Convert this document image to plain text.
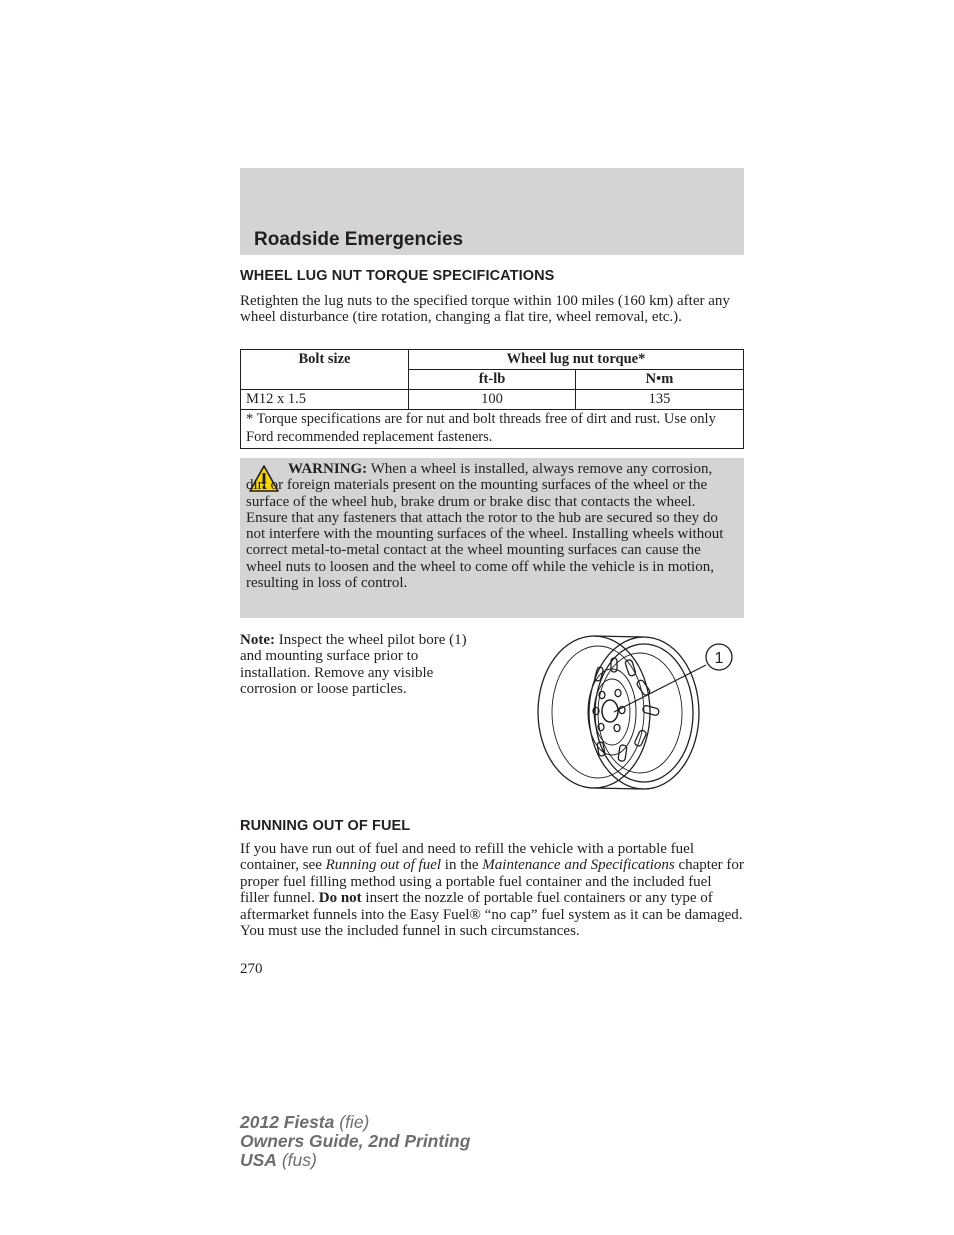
Roadside Emergencies
WHEEL LUG NUT TORQUE SPECIFICATIONS
Retighten the lug nuts to the specified torque within 100 miles (160 km) after any wheel disturbance (tire rotation, changing a flat tire, wheel removal, etc.).
Bolt size	Wheel lug nut torque*	
	ft-lb	N•m
M12 x 1.5	100	135
* Torque specifications are for nut and bolt threads free of dirt and rust. Use only Ford recommended replacement fasteners.		
WARNING: When a wheel is installed, always remove any corrosion, dirt or foreign materials present on the mounting surfaces of the wheel or the surface of the wheel hub, brake drum or brake disc that contacts the wheel. Ensure that any fasteners that attach the rotor to the hub are secured so they do not interfere with the mounting surfaces of the wheel. Installing wheels without correct metal-to-metal contact at the wheel mounting surfaces can cause the wheel nuts to loosen and the wheel to come off while the vehicle is in motion, resulting in loss of control.
Note: Inspect the wheel pilot bore (1) and mounting surface prior to installation. Remove any visible corrosion or loose particles.
1
RUNNING OUT OF FUEL
If you have run out of fuel and need to refill the vehicle with a portable fuel container, see Running out of fuel in the Maintenance and Specifications chapter for proper fuel filling method using a portable fuel container and the included fuel filler funnel. Do not insert the nozzle of portable fuel containers or any type of aftermarket funnels into the Easy Fuel® “no cap” fuel system as it can be damaged. You must use the included funnel in such circumstances.
270
2012 Fiesta (fie)
Owners Guide, 2nd Printing
USA (fus)
